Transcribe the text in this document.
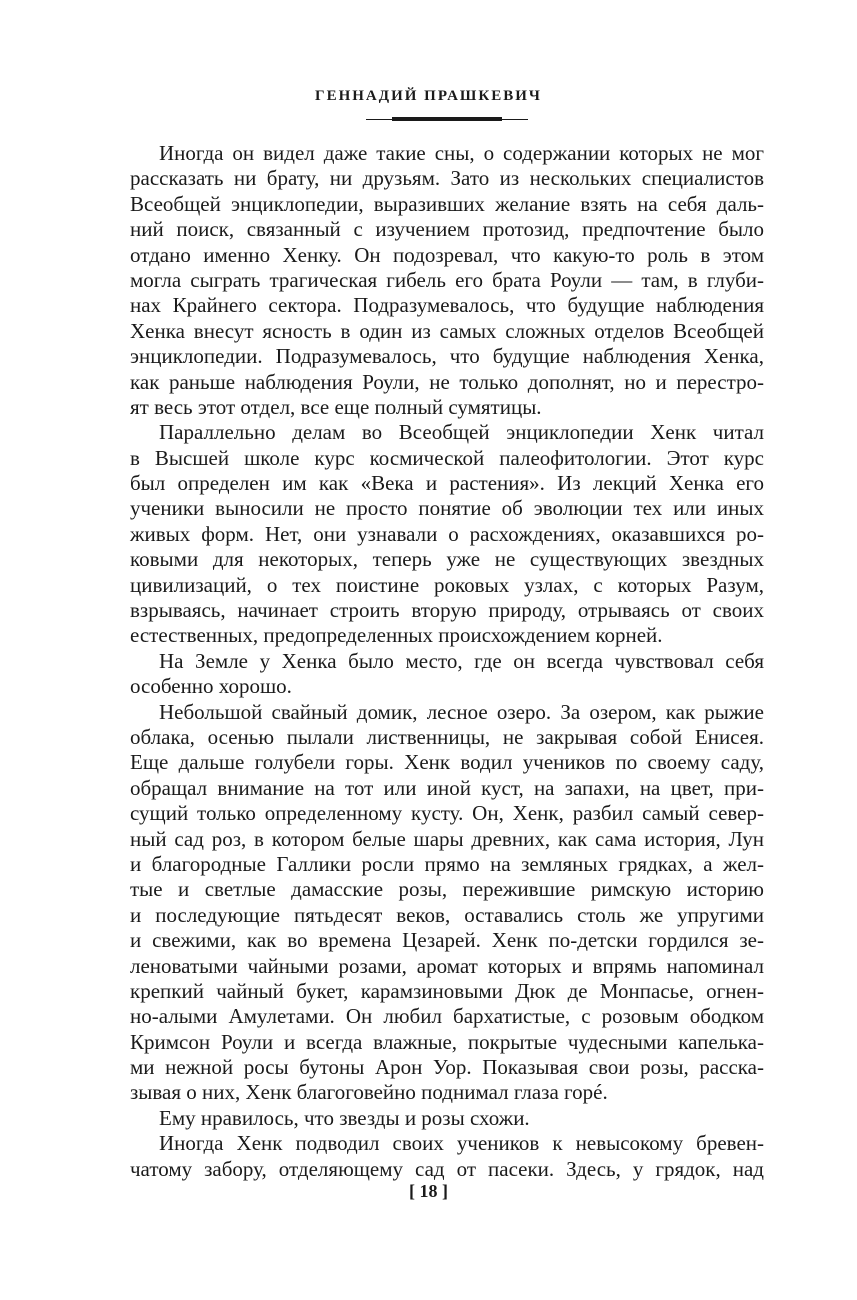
ГЕННАДИЙ ПРАШКЕВИЧ
Иногда он видел даже такие сны, о содержании которых не мог
рассказать ни брату, ни друзьям. Зато из нескольких специалистов
Всеобщей энциклопедии, выразивших желание взять на себя даль-
ний поиск, связанный с изучением протозид, предпочтение было
отдано именно Хенку. Он подозревал, что какую-то роль в этом
могла сыграть трагическая гибель его брата Роули — там, в глуби-
нах Крайнего сектора. Подразумевалось, что будущие наблюдения
Хенка внесут ясность в один из самых сложных отделов Всеобщей
энциклопедии. Подразумевалось, что будущие наблюдения Хенка,
как раньше наблюдения Роули, не только дополнят, но и перестро-
ят весь этот отдел, все еще полный сумятицы.
Параллельно делам во Всеобщей энциклопедии Хенк читал
в Высшей школе курс космической палеофитологии. Этот курс
был определен им как «Века и растения». Из лекций Хенка его
ученики выносили не просто понятие об эволюции тех или иных
живых форм. Нет, они узнавали о расхождениях, оказавшихся ро-
ковыми для некоторых, теперь уже не существующих звездных
цивилизаций, о тех поистине роковых узлах, с которых Разум,
взрываясь, начинает строить вторую природу, отрываясь от своих
естественных, предопределенных происхождением корней.
На Земле у Хенка было место, где он всегда чувствовал себя
особенно хорошо.
Небольшой свайный домик, лесное озеро. За озером, как рыжие
облака, осенью пылали лиственницы, не закрывая собой Енисея.
Еще дальше голубели горы. Хенк водил учеников по своему саду,
обращал внимание на тот или иной куст, на запахи, на цвет, при-
сущий только определенному кусту. Он, Хенк, разбил самый север-
ный сад роз, в котором белые шары древних, как сама история, Лун
и благородные Галлики росли прямо на земляных грядках, а жел-
тые и светлые дамасские розы, пережившие римскую историю
и последующие пятьдесят веков, оставались столь же упругими
и свежими, как во времена Цезарей. Хенк по-детски гордился зе-
леноватыми чайными розами, аромат которых и впрямь напоминал
крепкий чайный букет, карамзиновыми Дюк де Монпасье, огнен-
но-алыми Амулетами. Он любил бархатистые, с розовым ободком
Кримсон Роули и всегда влажные, покрытые чудесными капелька-
ми нежной росы бутоны Арон Уор. Показывая свои розы, расска-
зывая о них, Хенк благоговейно поднимал глаза горé.
Ему нравилось, что звезды и розы схожи.
Иногда Хенк подводил своих учеников к невысокому бревен-
чатому забору, отделяющему сад от пасеки. Здесь, у грядок, над
[ 18 ]
